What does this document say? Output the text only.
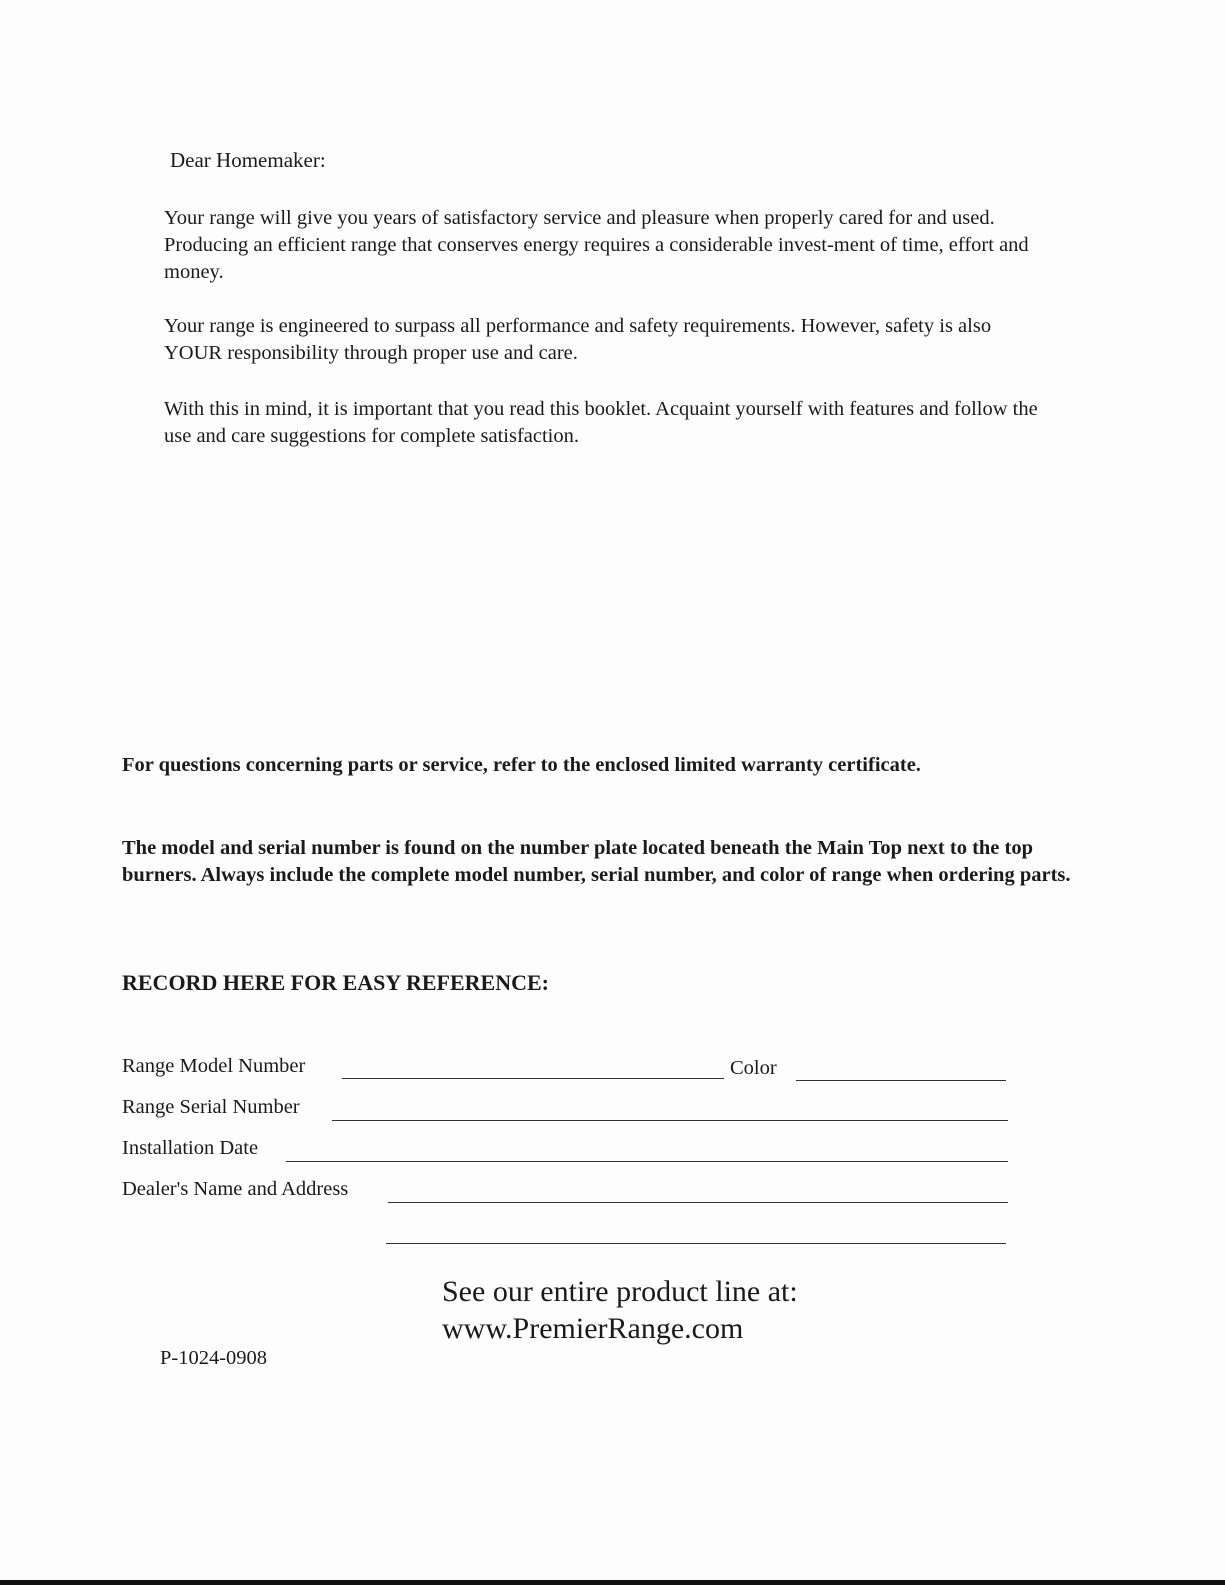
Dear Homemaker:

Your range will give you years of satisfactory service and pleasure when properly cared for and used. Producing an efficient range that conserves energy requires a considerable invest-ment of time, effort and money.

Your range is engineered to surpass all performance and safety requirements. However, safety is also YOUR responsibility through proper use and care.

With this in mind, it is important that you read this booklet. Acquaint yourself with features and follow the use and care suggestions for complete satisfaction.

For questions concerning parts or service, refer to the enclosed limited warranty certificate.

The model and serial number is found on the number plate located beneath the Main Top next to the top burners. Always include the complete model number, serial number, and color of range when ordering parts.

RECORD HERE FOR EASY REFERENCE:
Range Model Number	Color
Range Serial Number
Installation Date
Dealer's Name and Address
See our entire product line at:
www.PremierRange.com
P-1024-0908
